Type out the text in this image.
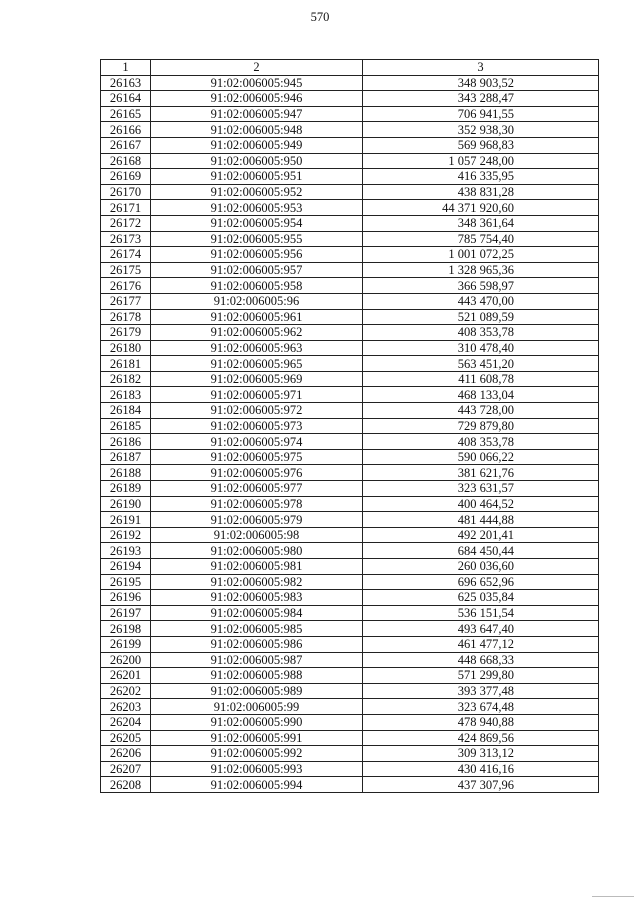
570
1	2	3
26163	91:02:006005:945	348 903,52
26164	91:02:006005:946	343 288,47
26165	91:02:006005:947	706 941,55
26166	91:02:006005:948	352 938,30
26167	91:02:006005:949	569 968,83
26168	91:02:006005:950	1 057 248,00
26169	91:02:006005:951	416 335,95
26170	91:02:006005:952	438 831,28
26171	91:02:006005:953	44 371 920,60
26172	91:02:006005:954	348 361,64
26173	91:02:006005:955	785 754,40
26174	91:02:006005:956	1 001 072,25
26175	91:02:006005:957	1 328 965,36
26176	91:02:006005:958	366 598,97
26177	91:02:006005:96	443 470,00
26178	91:02:006005:961	521 089,59
26179	91:02:006005:962	408 353,78
26180	91:02:006005:963	310 478,40
26181	91:02:006005:965	563 451,20
26182	91:02:006005:969	411 608,78
26183	91:02:006005:971	468 133,04
26184	91:02:006005:972	443 728,00
26185	91:02:006005:973	729 879,80
26186	91:02:006005:974	408 353,78
26187	91:02:006005:975	590 066,22
26188	91:02:006005:976	381 621,76
26189	91:02:006005:977	323 631,57
26190	91:02:006005:978	400 464,52
26191	91:02:006005:979	481 444,88
26192	91:02:006005:98	492 201,41
26193	91:02:006005:980	684 450,44
26194	91:02:006005:981	260 036,60
26195	91:02:006005:982	696 652,96
26196	91:02:006005:983	625 035,84
26197	91:02:006005:984	536 151,54
26198	91:02:006005:985	493 647,40
26199	91:02:006005:986	461 477,12
26200	91:02:006005:987	448 668,33
26201	91:02:006005:988	571 299,80
26202	91:02:006005:989	393 377,48
26203	91:02:006005:99	323 674,48
26204	91:02:006005:990	478 940,88
26205	91:02:006005:991	424 869,56
26206	91:02:006005:992	309 313,12
26207	91:02:006005:993	430 416,16
26208	91:02:006005:994	437 307,96
